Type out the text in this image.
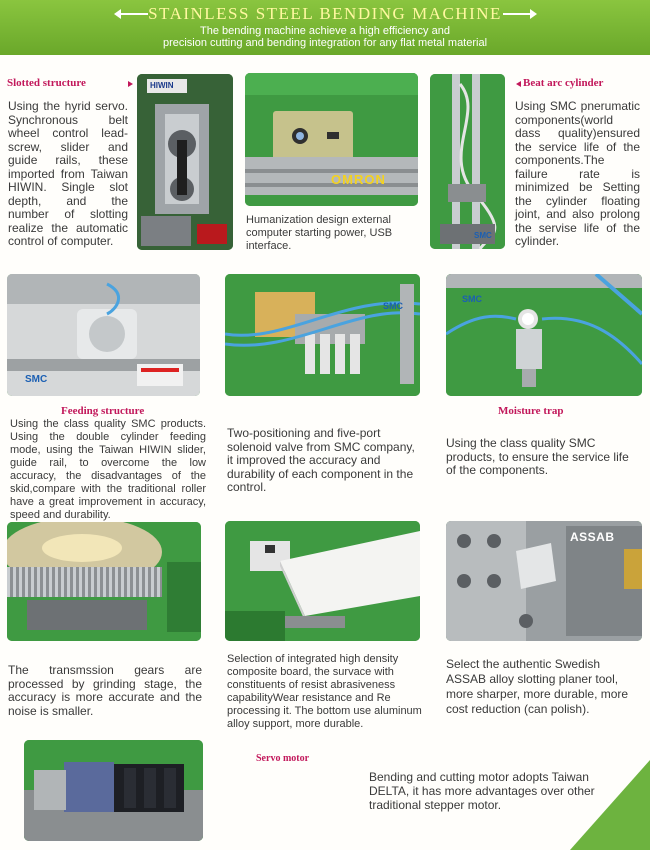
STAINLESS STEEL BENDING MACHINE
The bending machine achieve a high efficiency and
precision cutting and bending integration for any flat metal material
Slotted structure
Using the hyrid servo. Synchronous belt wheel control lead-screw, slider and guide rails, these imported from Taiwan HIWIN. Single slot depth, and the number of slotting realize the automatic control of computer.
HIWIN
OMRON
Humanization design external computer starting power, USB interface.
SMC
Beat arc cylinder
Using SMC pnerumatic components(world dass quality)ensured the service life of the components.The failure rate is minimized be Setting the cylinder floating joint, and also prolong the servise life of the cylinder.
SMC
Feeding structure
Using the class quality SMC products. Using the double cylinder feeding mode, using the Taiwan HIWIN slider, guide rail, to overcome the low accuracy, the disadvantages of the skid,compare with the traditional roller have a great improvement in accuracy, speed and durability.
SMC
Two-positioning and five-port solenoid valve from SMC company, it improved the accuracy and durability of each component in the control.
SMC
Moisture trap
Using the class quality SMC products, to ensure the service life of the components.
The transmssion gears are processed by grinding stage, the accuracy is more accurate and the noise is smaller.
Selection of integrated high density composite board, the survace with constituents of resist abrasiveness capabilityWear resistance and Re processing it. The bottom use aluminum alloy support, more durable.
ASSAB
Select the authentic Swedish ASSAB alloy slotting planer tool, more sharper, more durable, more cost reduction (can polish).
Servo motor
Bending and cutting motor adopts Taiwan DELTA, it has more advantages over other traditional stepper motor.
